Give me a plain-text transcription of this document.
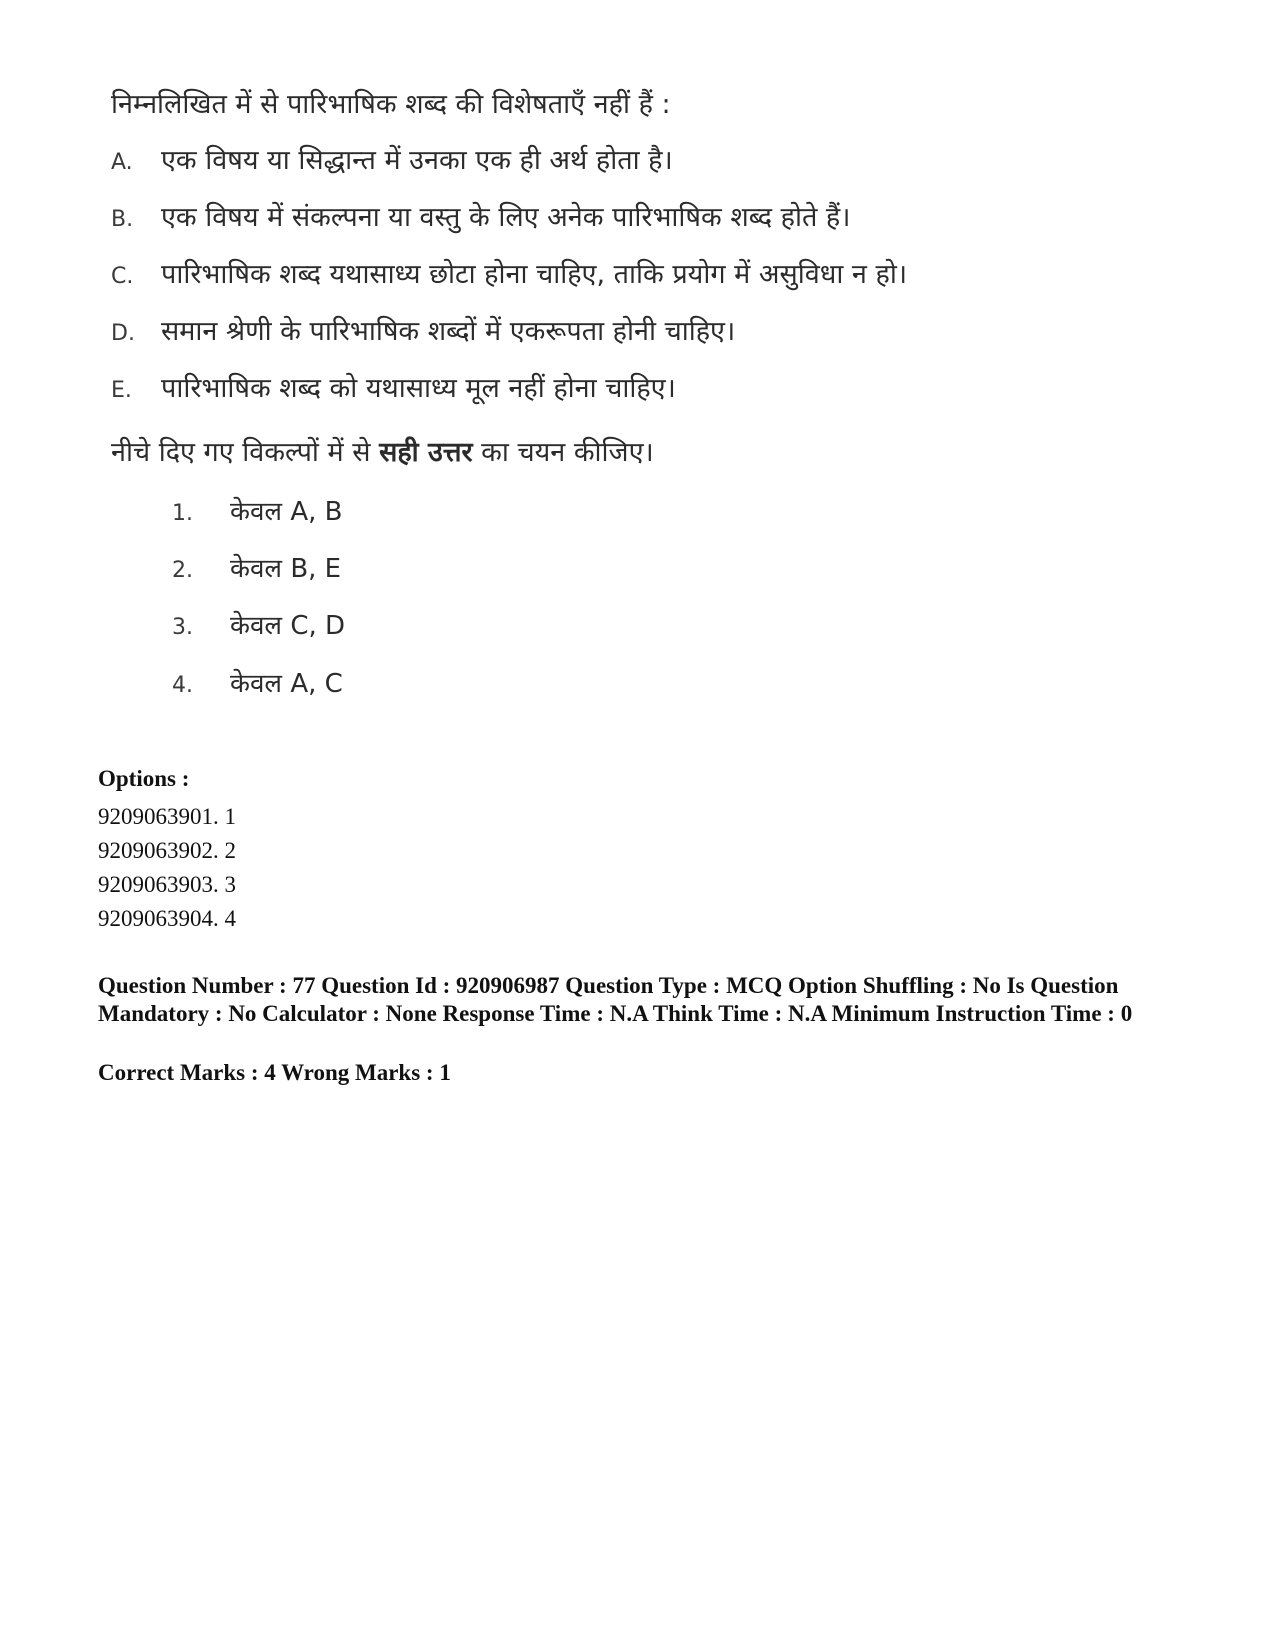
निम्नलिखित में से पारिभाषिक शब्द की विशेषताएँ नहीं हैं :
A. एक विषय या सिद्धान्त में उनका एक ही अर्थ होता है।
B. एक विषय में संकल्पना या वस्तु के लिए अनेक पारिभाषिक शब्द होते हैं।
C. पारिभाषिक शब्द यथासाध्य छोटा होना चाहिए, ताकि प्रयोग में असुविधा न हो।
D. समान श्रेणी के पारिभाषिक शब्दों में एकरूपता होनी चाहिए।
E. पारिभाषिक शब्द को यथासाध्य मूल नहीं होना चाहिए।
नीचे दिए गए विकल्पों में से सही उत्तर का चयन कीजिए।
1. केवल A, B
2. केवल B, E
3. केवल C, D
4. केवल A, C
Options :
9209063901. 1
9209063902. 2
9209063903. 3
9209063904. 4
Question Number : 77 Question Id : 920906987 Question Type : MCQ Option Shuffling : No Is Question Mandatory : No Calculator : None Response Time : N.A Think Time : N.A Minimum Instruction Time : 0
Correct Marks : 4 Wrong Marks : 1
